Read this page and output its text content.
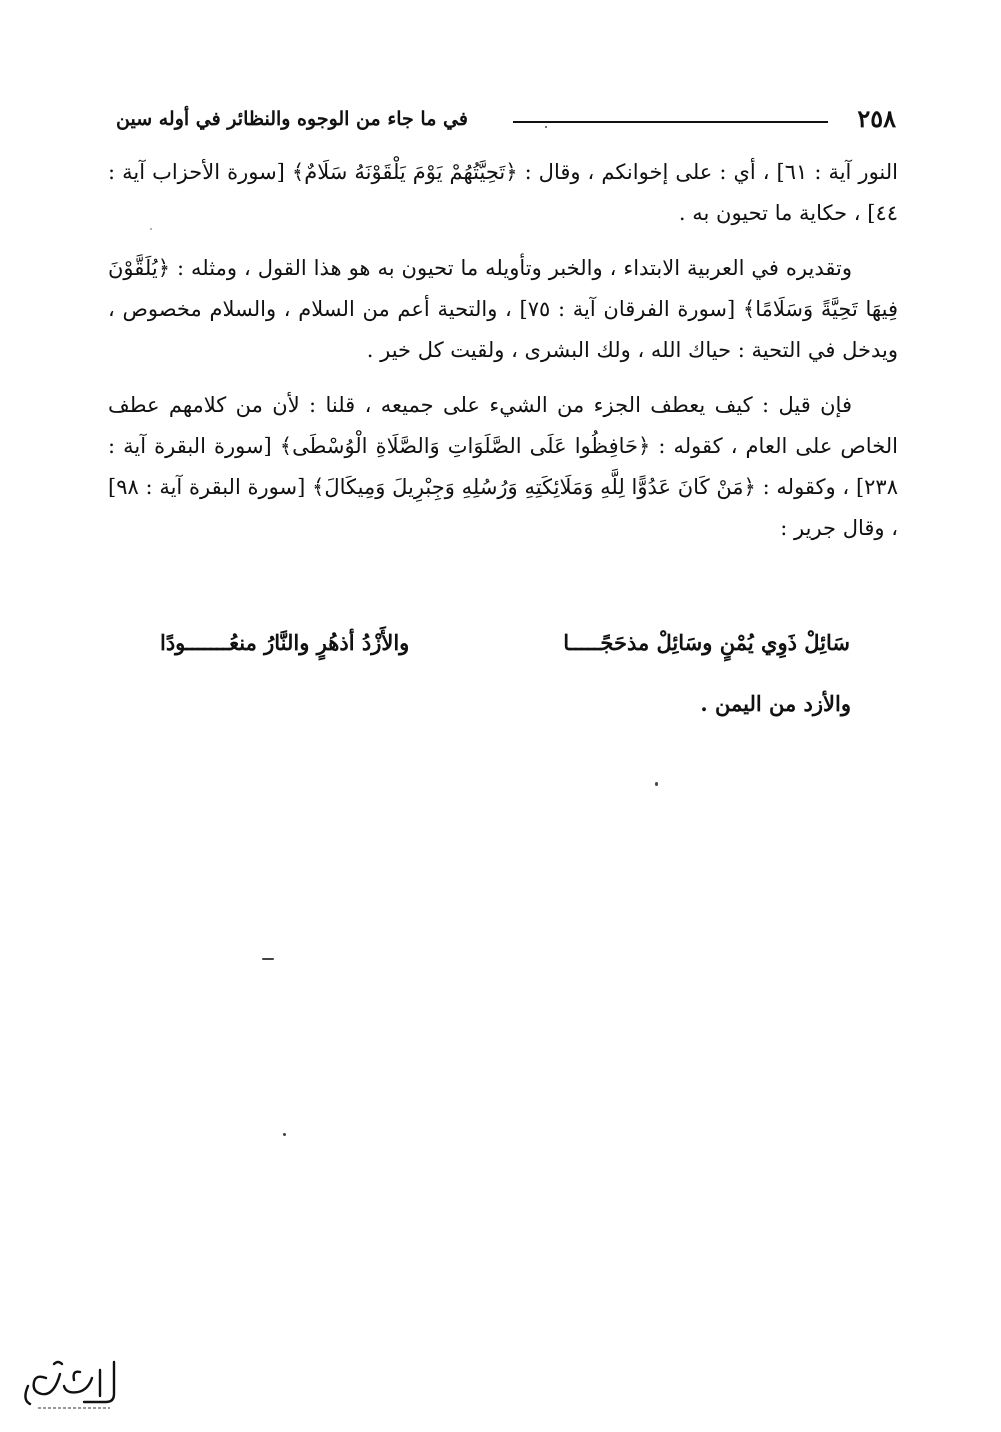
٢٥٨
في ما جاء من الوجوه والنظائر في أوله سين

النور آية : ٦١] ، أي : على إخوانكم ، وقال : ﴿تَحِيَّتُهُمْ يَوْمَ يَلْقَوْنَهُ سَلَامٌ﴾ [سورة الأحزاب آية : ٤٤] ، حكاية ما تحيون به .

وتقديره في العربية الابتداء ، والخبر وتأويله ما تحيون به هو هذا القول ، ومثله : ﴿يُلَقَّوْنَ فِيهَا تَحِيَّةً وَسَلَامًا﴾ [سورة الفرقان آية : ٧٥] ، والتحية أعم من السلام ، والسلام مخصوص ، ويدخل في التحية : حياك الله ، ولك البشرى ، ولقيت كل خير .

فإن قيل : كيف يعطف الجزء من الشيء على جميعه ، قلنا : لأن من كلامهم عطف الخاص على العام ، كقوله : ﴿حَافِظُوا عَلَى الصَّلَوَاتِ وَالصَّلَاةِ الْوُسْطَى﴾ [سورة البقرة آية : ٢٣٨] ، وكقوله : ﴿مَنْ كَانَ عَدُوًّا لِلَّهِ وَمَلَائِكَتِهِ وَرُسُلِهِ وَجِبْرِيلَ وَمِيكَالَ﴾ [سورة البقرة آية : ٩٨] ، وقال جرير :

سَائِلْ ذَوِي يُمْنٍ وسَائِلْ مذحَجًـــــا
والأَزْدُ أذهُرٍ والنَّارُ منعُـــــــودًا
والأزد من اليمن .
